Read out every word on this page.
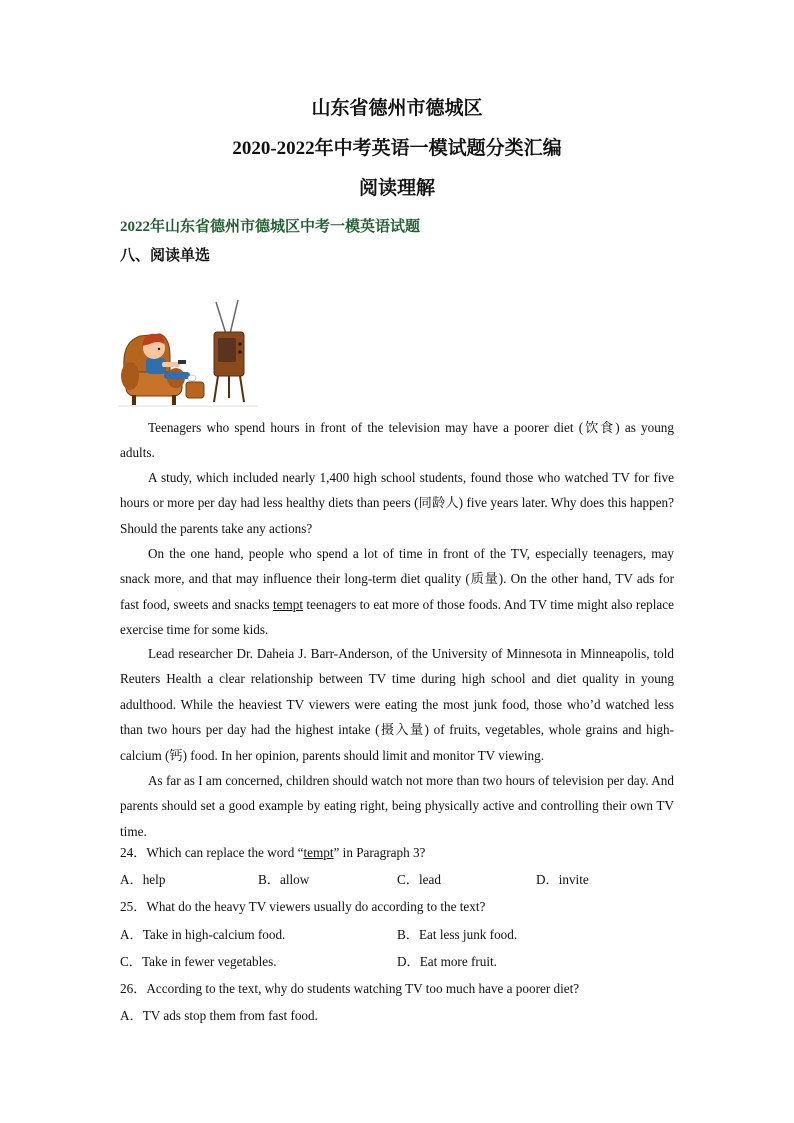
山东省德州市德城区
2020-2022年中考英语一模试题分类汇编
阅读理解
2022年山东省德州市德城区中考一模英语试题
八、阅读单选

Teenagers who spend hours in front of the television may have a poorer diet (饮食) as young adults.

A study, which included nearly 1,400 high school students, found those who watched TV for five hours or more per day had less healthy diets than peers (同龄人) five years later. Why does this happen? Should the parents take any actions?

On the one hand, people who spend a lot of time in front of the TV, especially teenagers, may snack more, and that may influence their long-term diet quality (质量). On the other hand, TV ads for fast food, sweets and snacks tempt teenagers to eat more of those foods. And TV time might also replace exercise time for some kids.

Lead researcher Dr. Daheia J. Barr-Anderson, of the University of Minnesota in Minneapolis, told Reuters Health a clear relationship between TV time during high school and diet quality in young adulthood. While the heaviest TV viewers were eating the most junk food, those who’d watched less than two hours per day had the highest intake (摄入量) of fruits, vegetables, whole grains and high-calcium (钙) food. In her opinion, parents should limit and monitor TV viewing.

As far as I am concerned, children should watch not more than two hours of television per day. And parents should set a good example by eating right, being physically active and controlling their own TV time.

24．Which can replace the word “tempt” in Paragraph 3?
A．help	B．allow	C．lead	D．invite
25．What do the heavy TV viewers usually do according to the text?
A．Take in high-calcium food.	B．Eat less junk food.
C．Take in fewer vegetables.	D．Eat more fruit.
26．According to the text, why do students watching TV too much have a poorer diet?
A．TV ads stop them from fast food.
